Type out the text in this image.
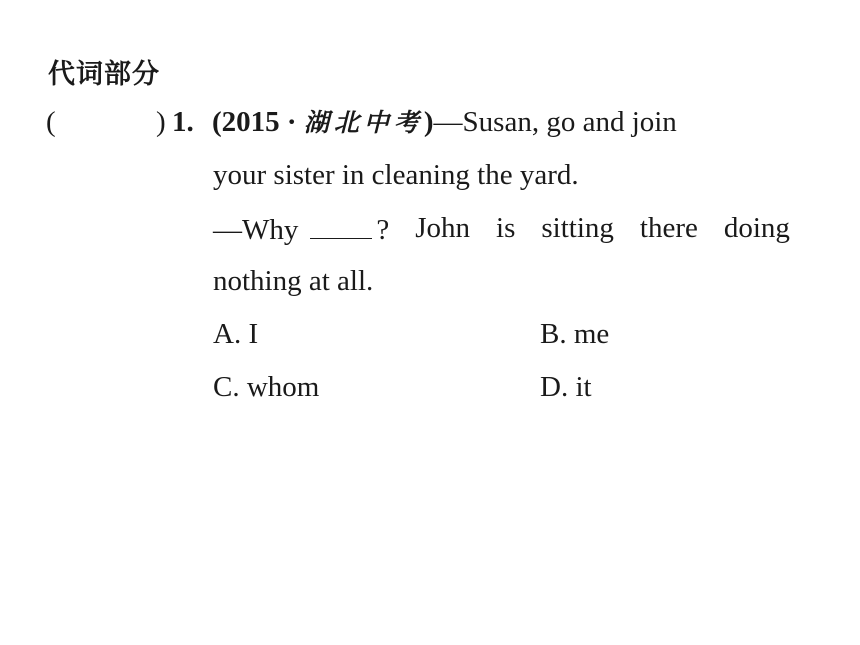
代词部分
(	) 1. (2015 · 湖北中考)—Susan, go and join
your sister in cleaning the yard.
—Why	? John is sitting there doing
nothing at all.
A. I	B. me
C. whom	D. it
